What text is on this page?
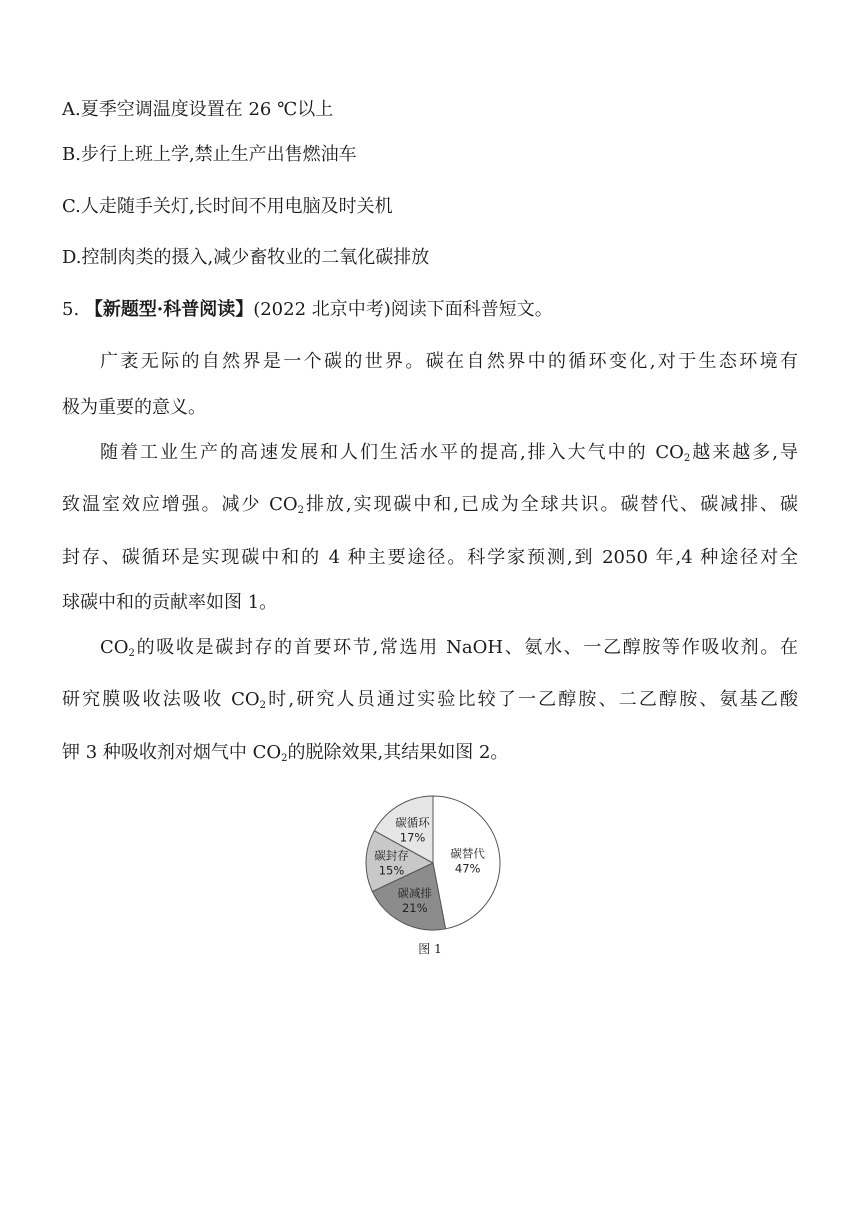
A.夏季空调温度设置在 26 ℃以上
B.步行上班上学,禁止生产出售燃油车
C.人走随手关灯,长时间不用电脑及时关机
D.控制肉类的摄入,减少畜牧业的二氧化碳排放
5. 【新题型·科普阅读】(2022 北京中考)阅读下面科普短文。
广袤无际的自然界是一个碳的世界。碳在自然界中的循环变化,对于生态环境有
极为重要的意义。
随着工业生产的高速发展和人们生活水平的提高,排入大气中的 $CO_2$越来越多,导
致温室效应增强。减少 $CO_2$排放,实现碳中和,已成为全球共识。碳替代、碳减排、碳
封存、碳循环是实现碳中和的 4 种主要途径。科学家预测,到 2050 年,4 种途径对全
球碳中和的贡献率如图 1。
$CO_2$的吸收是碳封存的首要环节,常选用 NaOH、氨水、一乙醇胺等作吸收剂。在
研究膜吸收法吸收 $CO_2$时,研究人员通过实验比较了一乙醇胺、二乙醇胺、氨基乙酸
钾 3 种吸收剂对烟气中 $CO_2$的脱除效果,其结果如图 2。
碳替代
47%
碳减排
21%
碳封存
15%
碳循环
17%
图 1
